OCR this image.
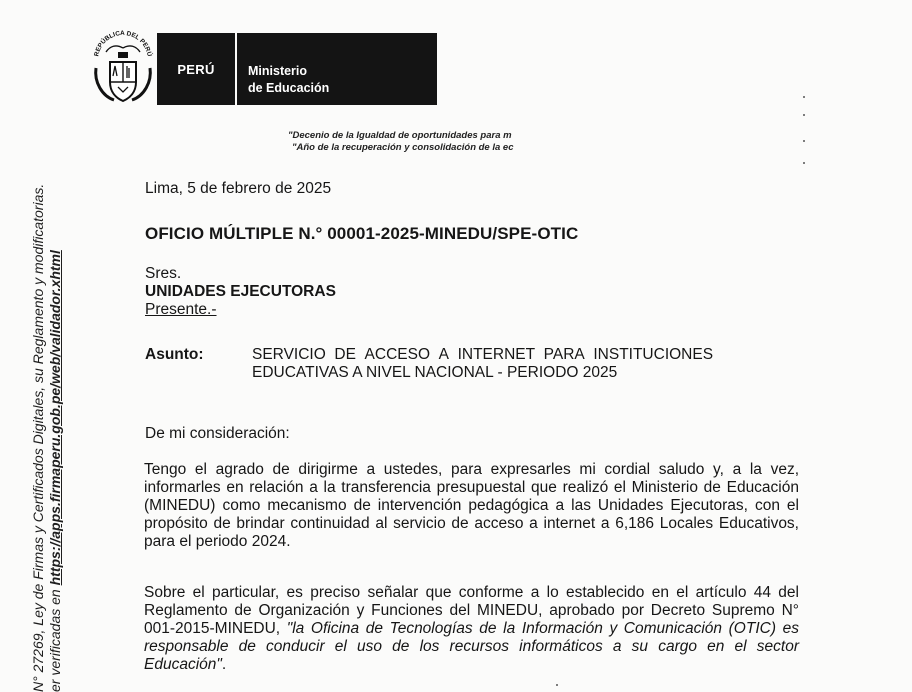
REPÚBLICA DEL PERÚ
PERÚ	Ministerio
de Educación
"Decenio de la Igualdad de oportunidades para m
"Año de la recuperación y consolidación de la ec
Lima, 5 de febrero de 2025
OFICIO MÚLTIPLE N.° 00001-2025-MINEDU/SPE-OTIC
Sres.
UNIDADES EJECUTORAS
Presente.-
Asunto:	SERVICIO  DE  ACCESO  A  INTERNET  PARA  INSTITUCIONES
EDUCATIVAS A NIVEL NACIONAL - PERIODO 2025
De mi consideración:
Tengo el agrado de dirigirme a ustedes, para expresarles mi cordial saludo y, a la vez, informarles en relación a la transferencia presupuestal que realizó el Ministerio de Educación (MINEDU) como mecanismo de intervención pedagógica a las Unidades Ejecutoras, con el propósito de brindar continuidad al servicio de acceso a internet a 6,186 Locales Educativos, para el periodo 2024.
Sobre el particular, es preciso señalar que conforme a lo establecido en el artículo 44 del Reglamento de Organización y Funciones del MINEDU, aprobado por Decreto Supremo N° 001-2015-MINEDU, "la Oficina de Tecnologías de la Información y Comunicación (OTIC) es responsable de conducir el uso de los recursos informáticos a su cargo en el sector Educación".
N° 27269, Ley de Firmas y Certificados Digitales, su Reglamento y modificatorias. er verificadas en https://apps.firmaperu.gob.pe/web/validador.xhtml
